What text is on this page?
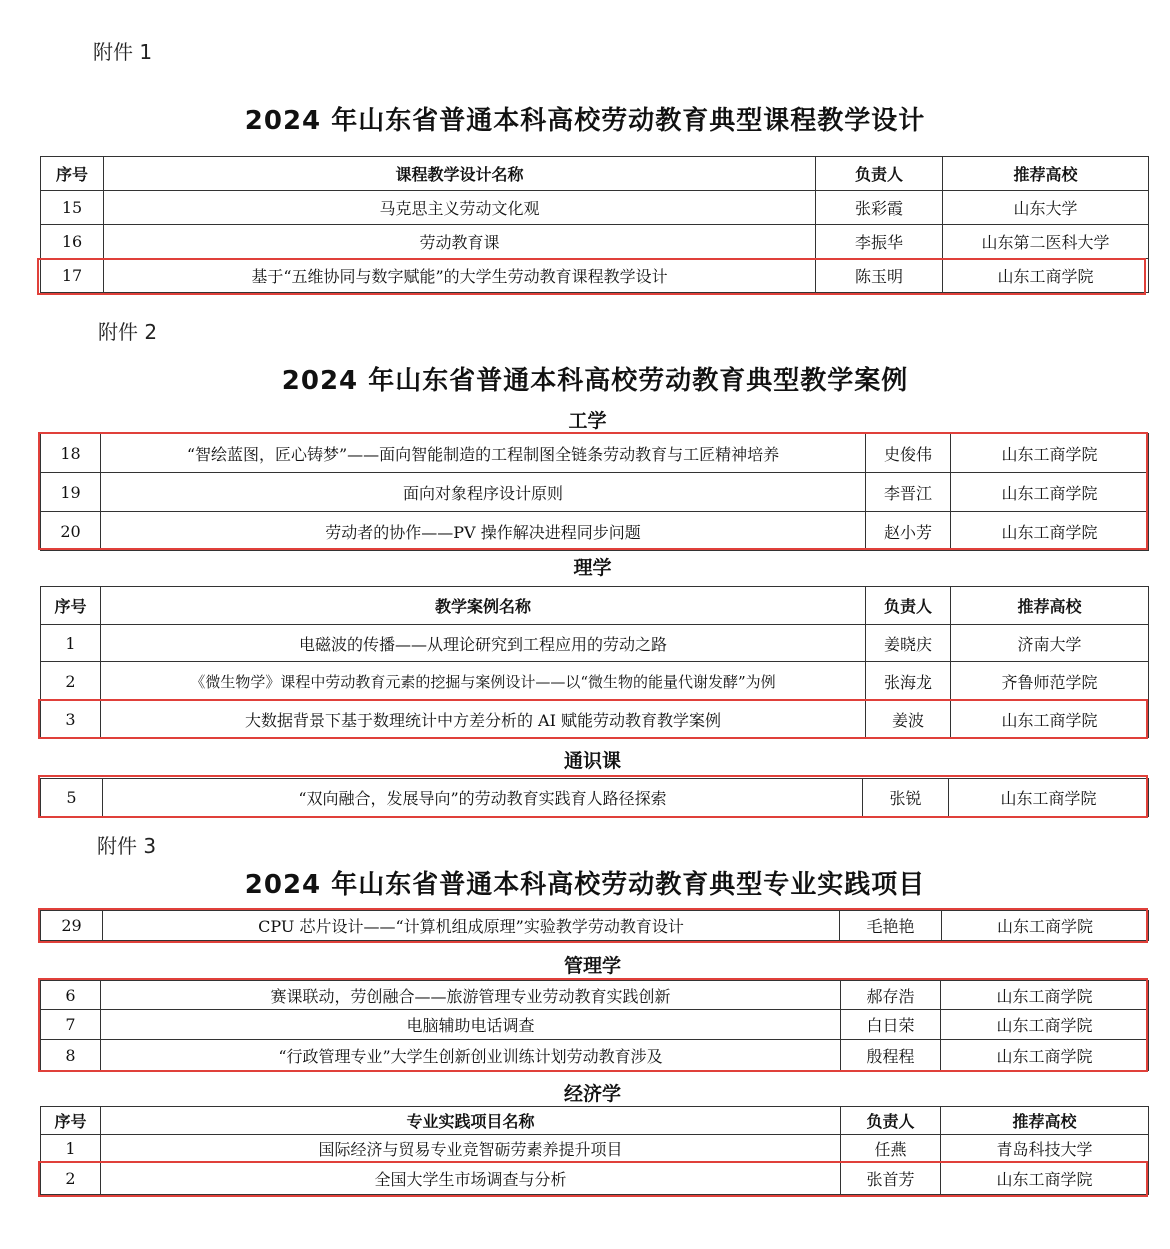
附件 1
2024 年山东省普通本科高校劳动教育典型课程教学设计
序号	课程教学设计名称	负责人	推荐高校
15	马克思主义劳动文化观	张彩霞	山东大学
16	劳动教育课	李振华	山东第二医科大学
17	基于“五维协同与数字赋能”的大学生劳动教育课程教学设计	陈玉明	山东工商学院
附件 2
2024 年山东省普通本科高校劳动教育典型教学案例
工学
18	“智绘蓝图，匠心铸梦”——面向智能制造的工程制图全链条劳动教育与工匠精神培养	史俊伟	山东工商学院
19	面向对象程序设计原则	李晋江	山东工商学院
20	劳动者的协作——PV 操作解决进程同步问题	赵小芳	山东工商学院
理学
序号	教学案例名称	负责人	推荐高校
1	电磁波的传播——从理论研究到工程应用的劳动之路	姜晓庆	济南大学
2	《微生物学》课程中劳动教育元素的挖掘与案例设计——以“微生物的能量代谢发酵”为例	张海龙	齐鲁师范学院
3	大数据背景下基于数理统计中方差分析的 AI 赋能劳动教育教学案例	姜波	山东工商学院
通识课
5	“双向融合，发展导向”的劳动教育实践育人路径探索	张锐	山东工商学院
附件 3
2024 年山东省普通本科高校劳动教育典型专业实践项目
29	CPU 芯片设计——“计算机组成原理”实验教学劳动教育设计	毛艳艳	山东工商学院
管理学
6	赛课联动，劳创融合——旅游管理专业劳动教育实践创新	郝存浩	山东工商学院
7	电脑辅助电话调查	白日荣	山东工商学院
8	“行政管理专业”大学生创新创业训练计划劳动教育涉及	殷程程	山东工商学院
经济学
序号	专业实践项目名称	负责人	推荐高校
1	国际经济与贸易专业竞智砺劳素养提升项目	任燕	青岛科技大学
2	全国大学生市场调查与分析	张首芳	山东工商学院
